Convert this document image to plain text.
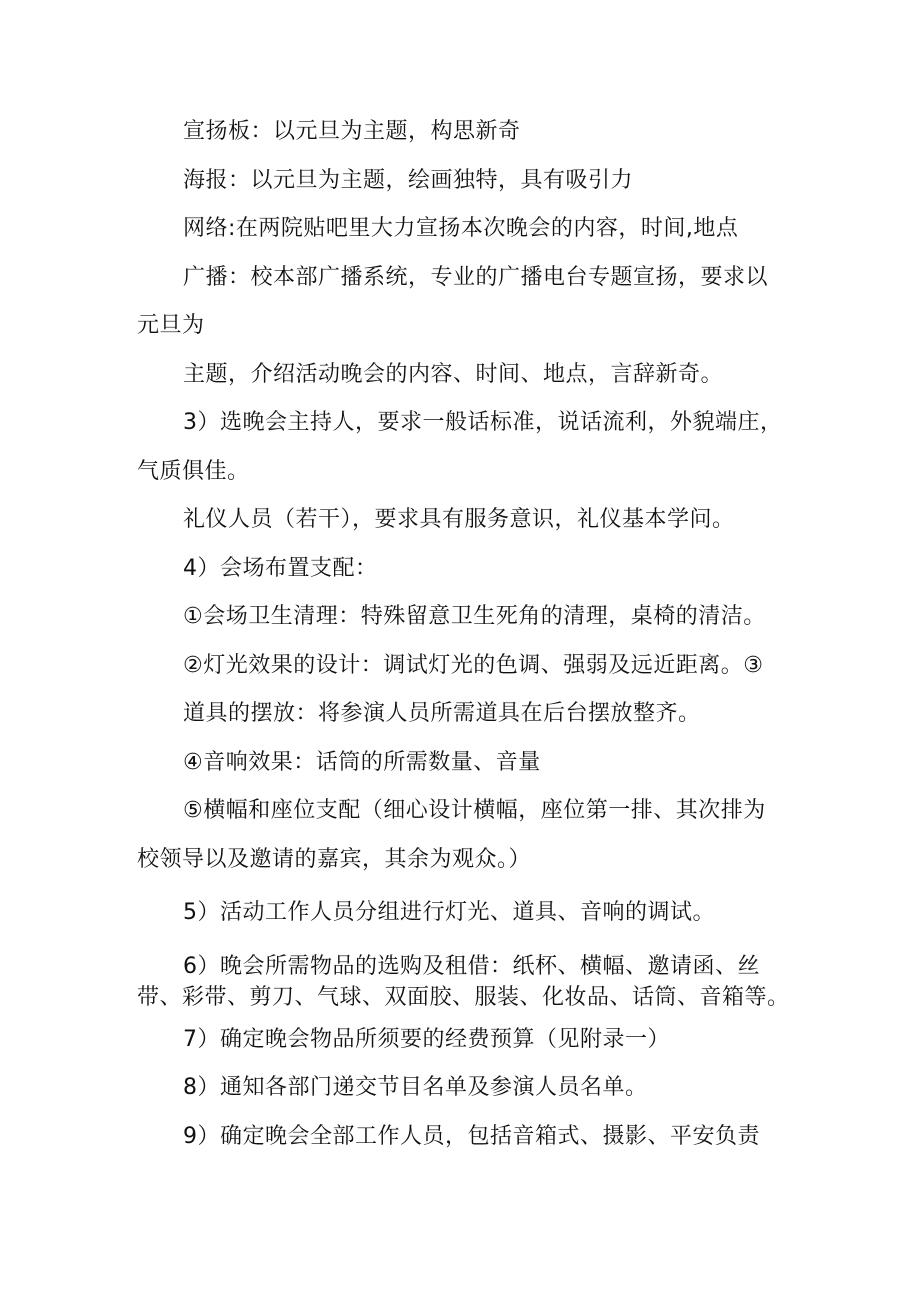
宣扬板：以元旦为主题，构思新奇
海报：以元旦为主题，绘画独特，具有吸引力
网络:在两院贴吧里大力宣扬本次晚会的内容，时间,地点
广播：校本部广播系统，专业的广播电台专题宣扬，要求以
元旦为
主题，介绍活动晚会的内容、时间、地点，言辞新奇。
3）选晚会主持人，要求一般话标准，说话流利，外貌端庄，
气质俱佳。
礼仪人员（若干），要求具有服务意识，礼仪基本学问。
4）会场布置支配：
①会场卫生清理：特殊留意卫生死角的清理，桌椅的清洁。
②灯光效果的设计：调试灯光的色调、强弱及远近距离。③
道具的摆放：将参演人员所需道具在后台摆放整齐。
④音响效果：话筒的所需数量、音量
⑤横幅和座位支配（细心设计横幅，座位第一排、其次排为
校领导以及邀请的嘉宾，其余为观众。）
5）活动工作人员分组进行灯光、道具、音响的调试。
6）晚会所需物品的选购及租借：纸杯、横幅、邀请函、丝
带、彩带、剪刀、气球、双面胶、服装、化妆品、话筒、音箱等。
7）确定晚会物品所须要的经费预算（见附录一）
8）通知各部门递交节目名单及参演人员名单。
9）确定晚会全部工作人员，包括音箱式、摄影、平安负责
